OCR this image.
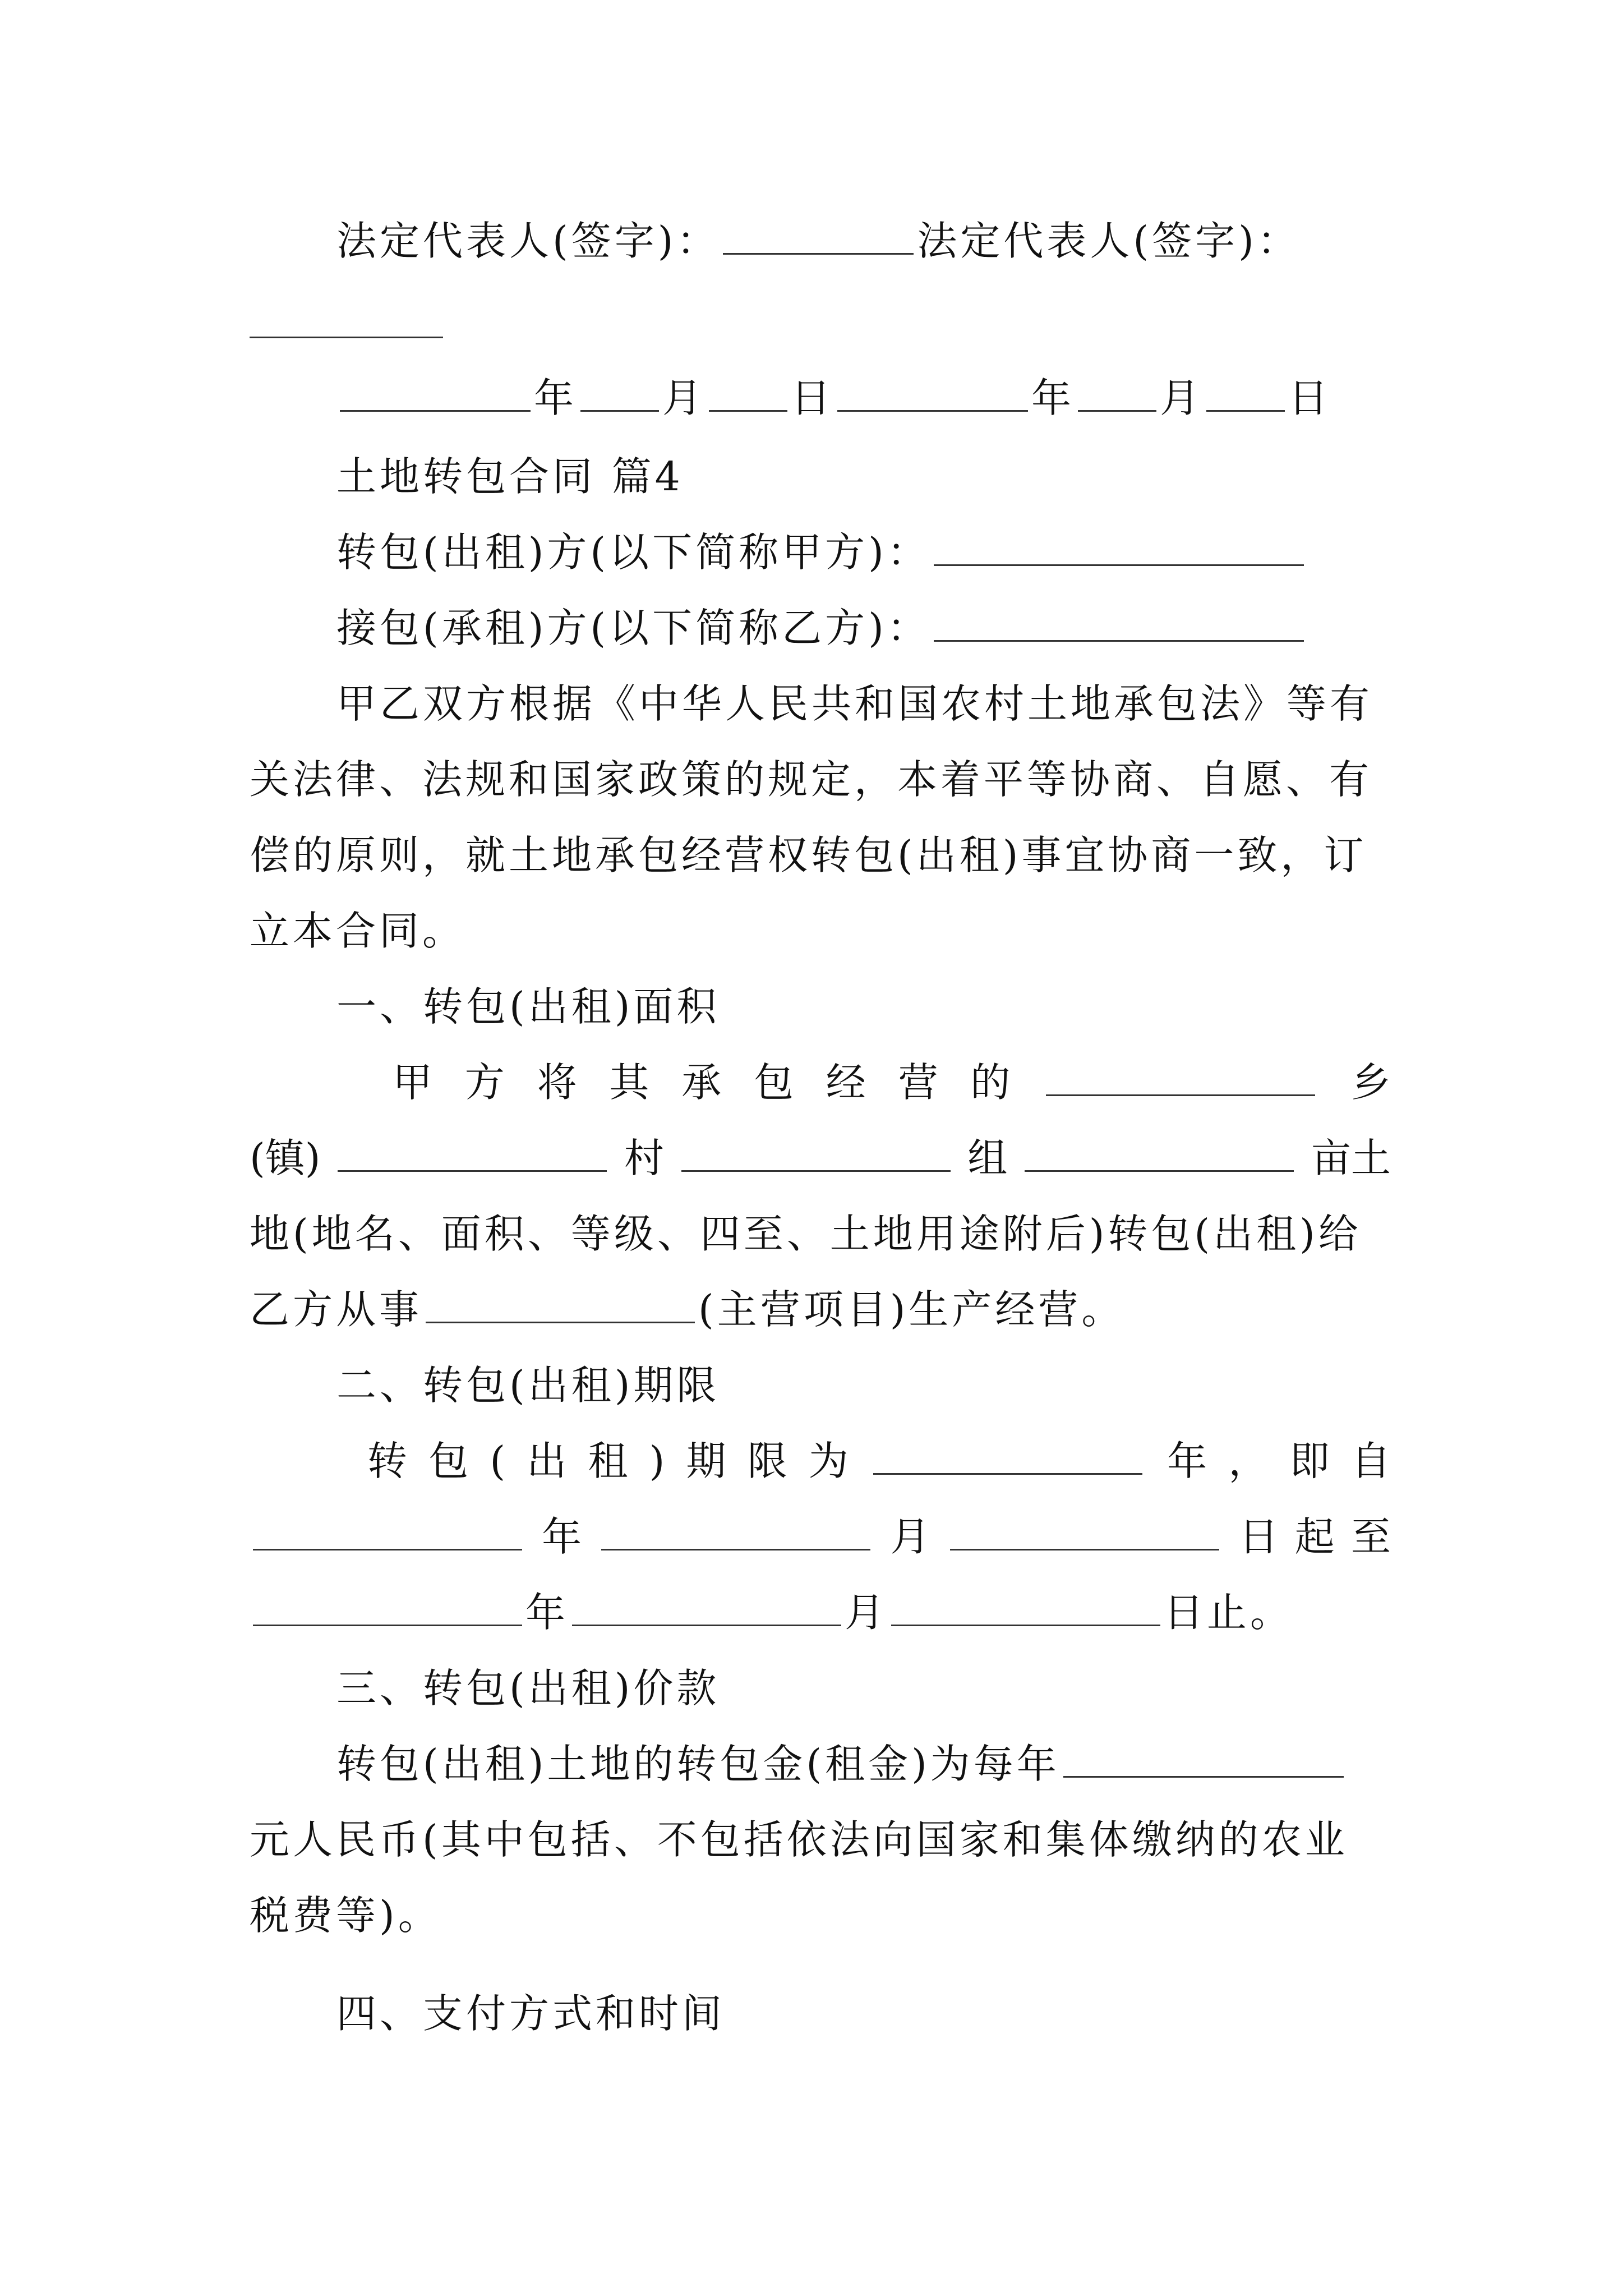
法定代表人(签字)：	法定代表人(签字)：
年 月 日	年 月 日
土地转包合同 篇4
转包(出租)方(以下简称甲方)：
接包(承租)方(以下简称乙方)：
甲乙双方根据《中华人民共和国农村土地承包法》等有
关法律、法规和国家政策的规定，本着平等协商、自愿、有
偿的原则，就土地承包经营权转包(出租)事宜协商一致，订
立本合同。
一、转包(出租)面积
甲 方 将 其 承 包 经 营 的	乡
(镇)	村	组	亩土
地(地名、面积、等级、四至、土地用途附后)转包(出租)给
乙方从事	(主营项目)生产经营。
二、转包(出租)期限
转 包 ( 出 租 ) 期 限 为	年 ， 即 自
年	月	日 起 至
年	月	日止。
三、转包(出租)价款
转包(出租)土地的转包金(租金)为每年
元人民币(其中包括、不包括依法向国家和集体缴纳的农业
税费等)。
四、支付方式和时间
